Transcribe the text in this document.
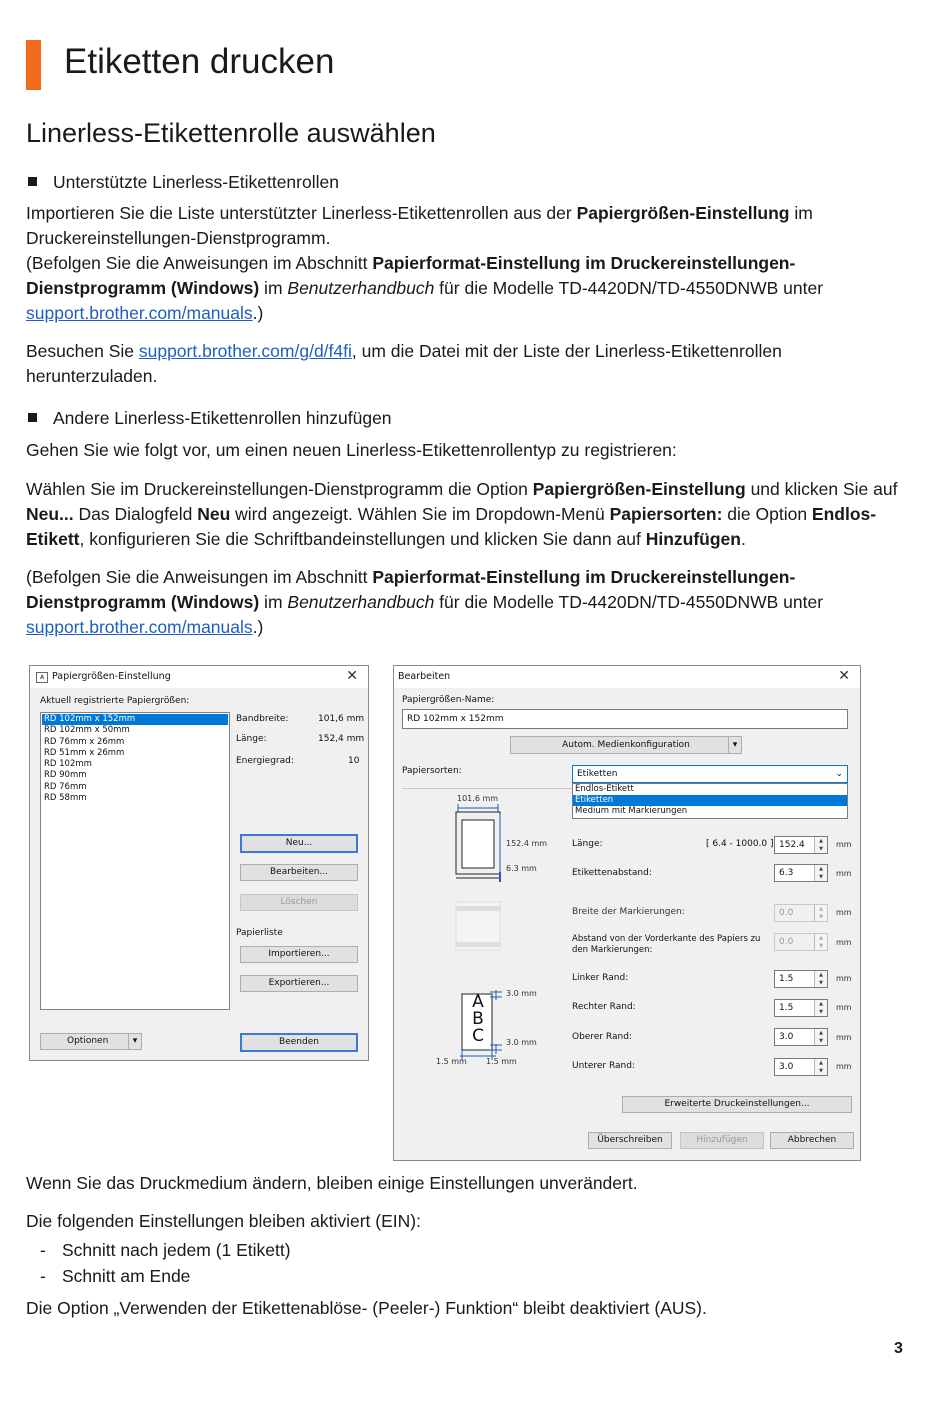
Etiketten drucken
Linerless-Etikettenrolle auswählen
Unterstützte Linerless-Etikettenrollen
Importieren Sie die Liste unterstützter Linerless-Etikettenrollen aus der Papiergrößen-Einstellung im Druckereinstellungen-Dienstprogramm.
(Befolgen Sie die Anweisungen im Abschnitt Papierformat-Einstellung im Druckereinstellungen-Dienstprogramm (Windows) im Benutzerhandbuch für die Modelle TD-4420DN/TD-4550DNWB unter support.brother.com/manuals.)
Besuchen Sie support.brother.com/g/d/f4fi, um die Datei mit der Liste der Linerless-Etikettenrollen herunterzuladen.
Andere Linerless-Etikettenrollen hinzufügen
Gehen Sie wie folgt vor, um einen neuen Linerless-Etikettenrollentyp zu registrieren:
Wählen Sie im Druckereinstellungen-Dienstprogramm die Option Papiergrößen-Einstellung und klicken Sie auf Neu... Das Dialogfeld Neu wird angezeigt. Wählen Sie im Dropdown-Menü Papiersorten: die Option Endlos-Etikett, konfigurieren Sie die Schriftbandeinstellungen und klicken Sie dann auf Hinzufügen.
(Befolgen Sie die Anweisungen im Abschnitt Papierformat-Einstellung im Druckereinstellungen-Dienstprogramm (Windows) im Benutzerhandbuch für die Modelle TD-4420DN/TD-4550DNWB unter support.brother.com/manuals.)
A Papiergrößen-Einstellung	✕
Aktuell registrierte Papiergrößen:
RD 102mm x 152mm
RD 102mm x 50mm
RD 76mm x 26mm
RD 51mm x 26mm
RD 102mm
RD 90mm
RD 76mm
RD 58mm
Bandbreite:	101,6 mm
Länge:	152,4 mm
Energiegrad:	10
Neu...
Bearbeiten...
Löschen
Papierliste
Importieren...
Exportieren...
Optionen	▾	Beenden
Bearbeiten	✕
Papiergrößen-Name:
RD 102mm x 152mm
Autom. Medienkonfiguration	▾
Papiersorten:	Etiketten	⌄
Endlos-Etikett
Etiketten
Medium mit Markierungen
101.6 mm
152.4 mm
6.3 mm
3.0 mm
3.0 mm
1.5 mm 1.5 mm
A
B
C
Länge:	[ 6.4 - 1000.0 ] 152.4	▲
▼	mm
Etikettenabstand:	6.3	▲
▼	mm
Breite der Markierungen:	0.0	▲
▼	mm
Abstand von der Vorderkante des Papiers zu den Markierungen:
0.0	▲
▼	mm
Linker Rand:	1.5	▲
▼	mm
Rechter Rand:	1.5	▲
▼	mm
Oberer Rand:	3.0	▲
▼	mm
Unterer Rand:	3.0	▲
▼	mm
Erweiterte Druckeinstellungen...
Überschreiben	Hinzufügen	Abbrechen
Wenn Sie das Druckmedium ändern, bleiben einige Einstellungen unverändert.
Die folgenden Einstellungen bleiben aktiviert (EIN):
- Schnitt nach jedem (1 Etikett)
- Schnitt am Ende
Die Option „Verwenden der Etikettenablöse- (Peeler-) Funktion“ bleibt deaktiviert (AUS).
3
